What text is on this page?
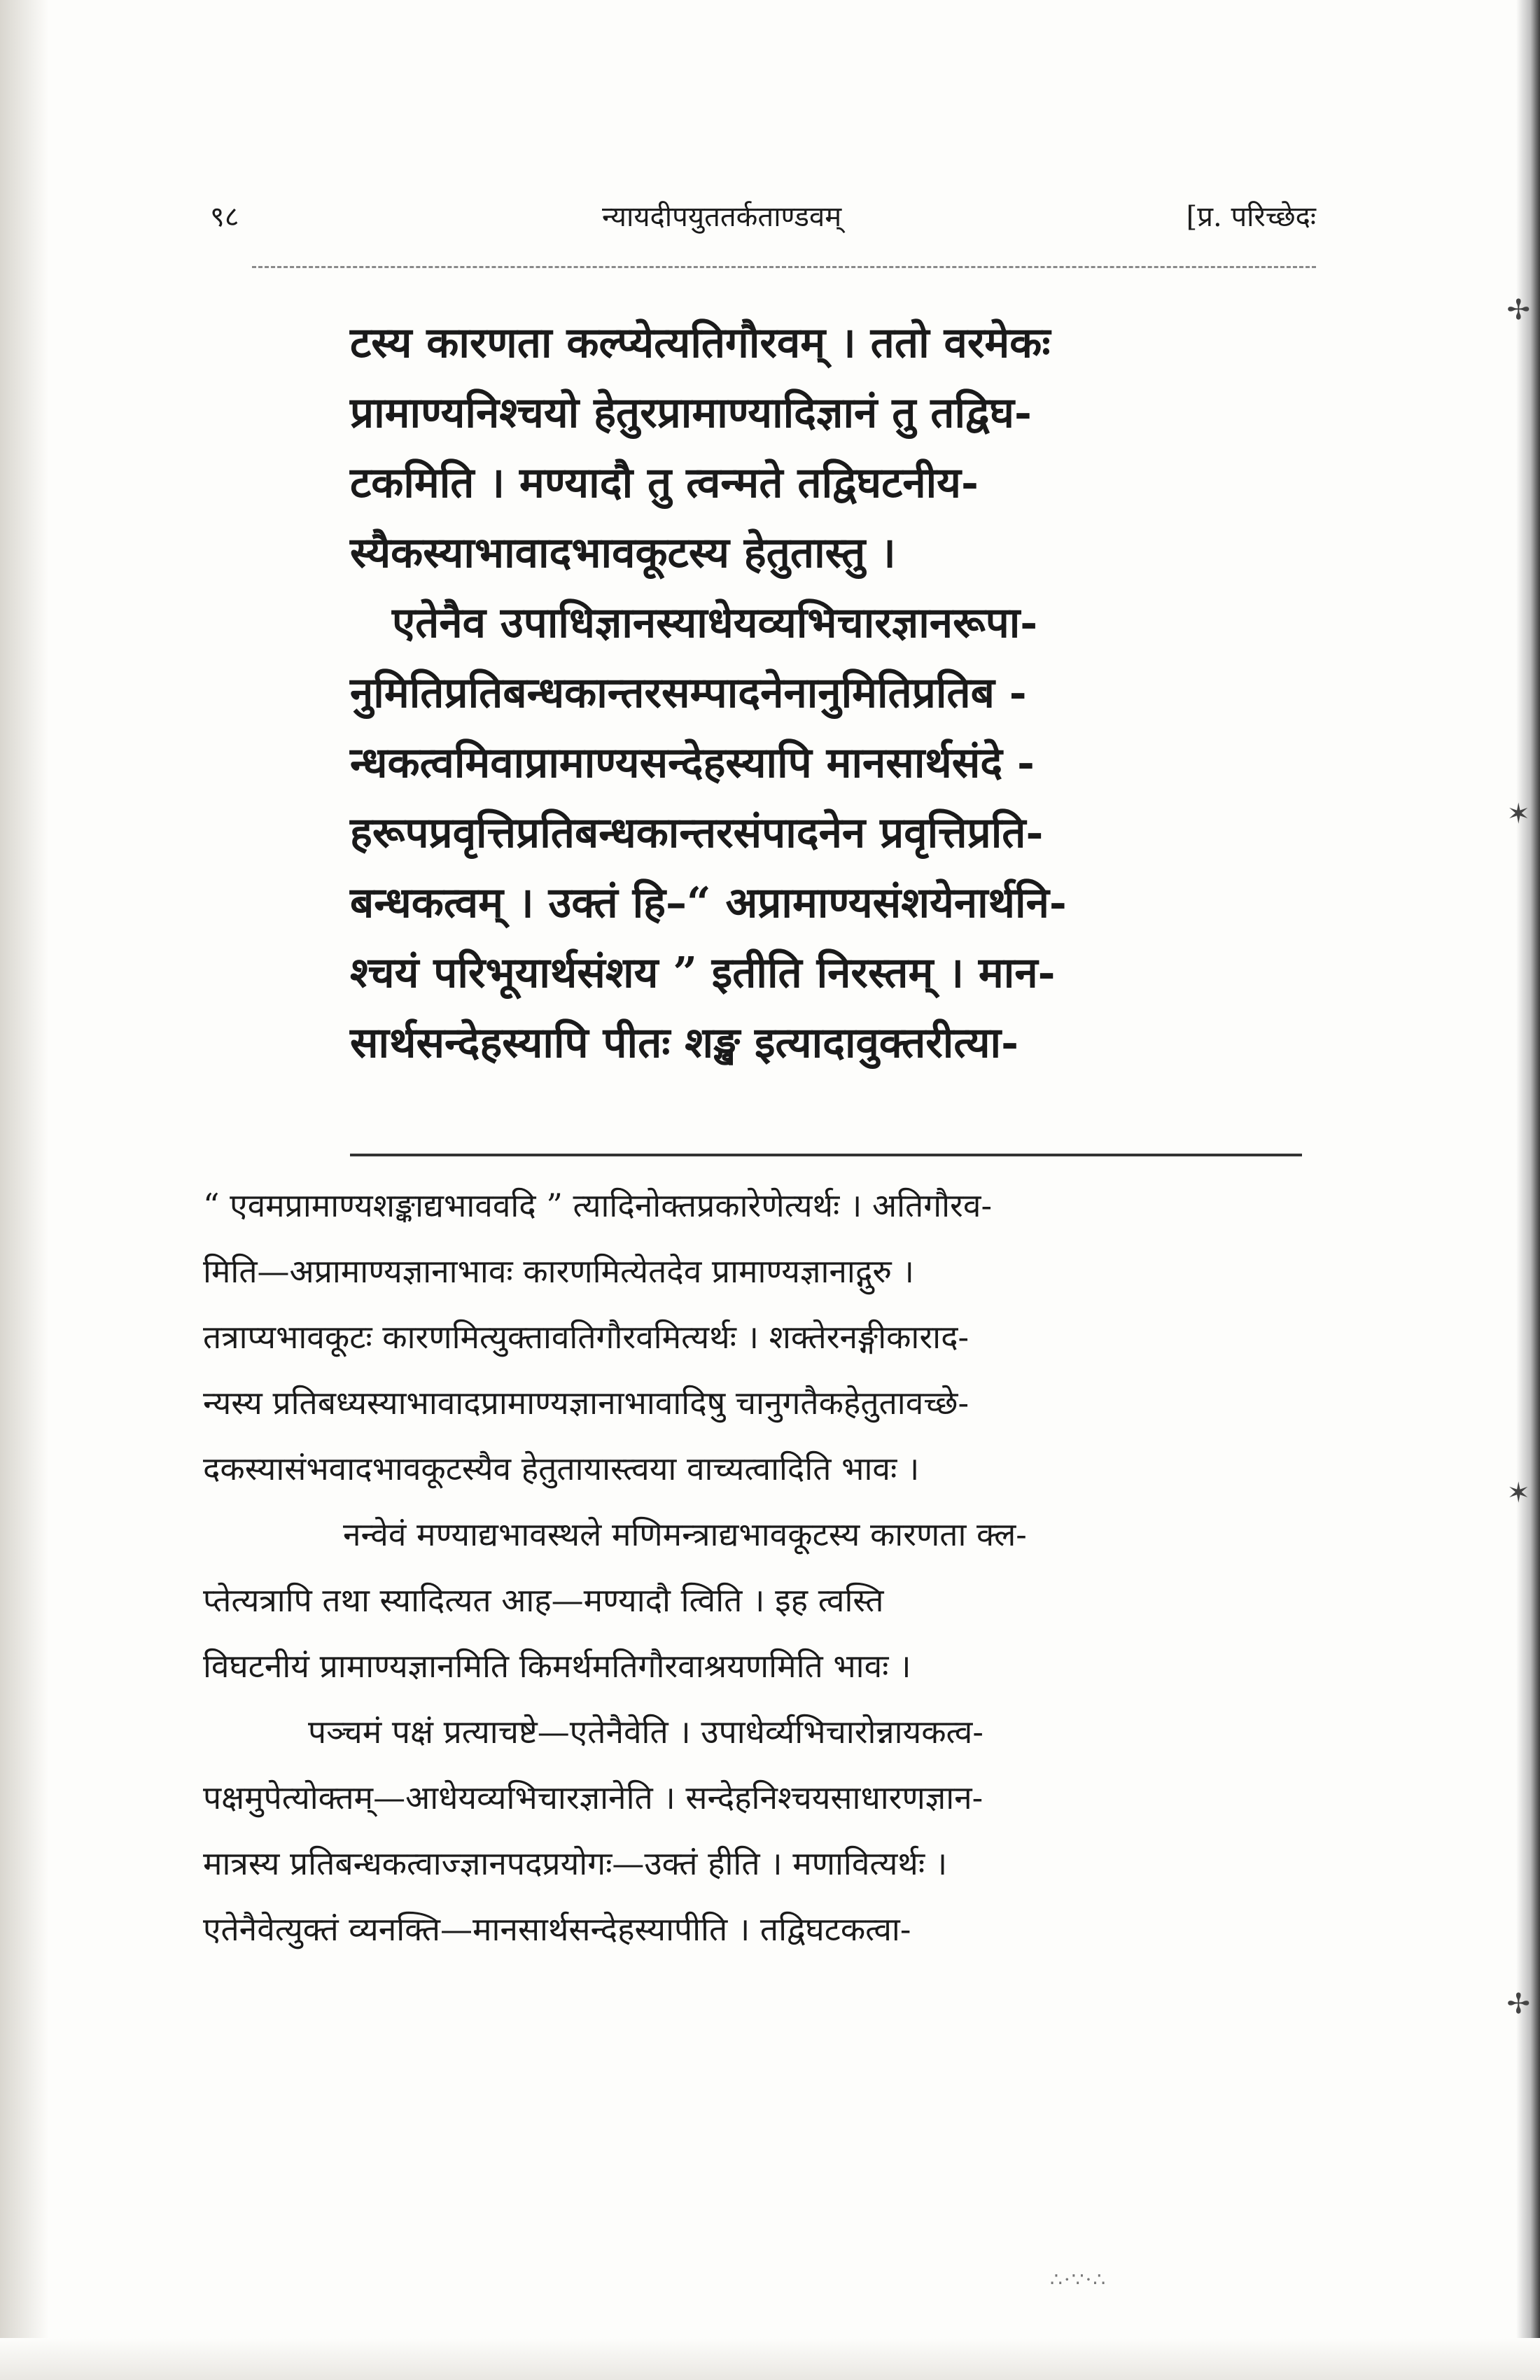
९८	न्यायदीपयुततर्कताण्डवम्	[प्र. परिच्छेदः

टस्य कारणता कल्प्येत्यतिगौरवम् । ततो वरमेकः

प्रामाण्यनिश्चयो हेतुरप्रामाण्यादिज्ञानं तु तद्विघ-

टकमिति । मण्यादौ तु त्वन्मते तद्विघटनीय-

स्यैकस्याभावादभावकूटस्य हेतुतास्तु ।

एतेनैव उपाधिज्ञानस्याधेयव्यभिचारज्ञानरूपा-

नुमितिप्रतिबन्धकान्तरसम्पादनेनानुमितिप्रतिब -

न्धकत्वमिवाप्रामाण्यसन्देहस्यापि मानसार्थसंदे -

हरूपप्रवृत्तिप्रतिबन्धकान्तरसंपादनेन प्रवृत्तिप्रति-

बन्धकत्वम् । उक्तं हि–“ अप्रामाण्यसंशयेनार्थनि-

श्चयं परिभूयार्थसंशय ” इतीति निरस्तम् । मान-

सार्थसन्देहस्यापि पीतः शङ्ख इत्यादावुक्तरीत्या-

“ एवमप्रामाण्यशङ्काद्यभाववदि ” त्यादिनोक्तप्रकारेणेत्यर्थः । अतिगौरव-

मिति—अप्रामाण्यज्ञानाभावः कारणमित्येतदेव प्रामाण्यज्ञानाद्गुरु ।

तत्राप्यभावकूटः कारणमित्युक्तावतिगौरवमित्यर्थः । शक्तेरनङ्गीकाराद-

न्यस्य प्रतिबध्यस्याभावादप्रामाण्यज्ञानाभावादिषु चानुगतैकहेतुतावच्छे-

दकस्यासंभवादभावकूटस्यैव हेतुतायास्त्वया वाच्यत्वादिति भावः ।

नन्वेवं मण्याद्यभावस्थले मणिमन्त्राद्यभावकूटस्य कारणता क्ल-

प्तेत्यत्रापि तथा स्यादित्यत आह—मण्यादौ त्विति । इह त्वस्ति

विघटनीयं प्रामाण्यज्ञानमिति किमर्थमतिगौरवाश्रयणमिति भावः ।

पञ्चमं पक्षं प्रत्याचष्टे—एतेनैवेति । उपाधेर्व्यभिचारोन्नायकत्व-

पक्षमुपेत्योक्तम्—आधेयव्यभिचारज्ञानेति । सन्देहनिश्चयसाधारणज्ञान-

मात्रस्य प्रतिबन्धकत्वाज्ज्ञानपदप्रयोगः—उक्तं हीति । मणावित्यर्थः ।

एतेनैवेत्युक्तं व्यनक्ति—मानसार्थसन्देहस्यापीति । तद्विघटकत्वा-

✶
✶
✢
✢
∴·∵·∴
